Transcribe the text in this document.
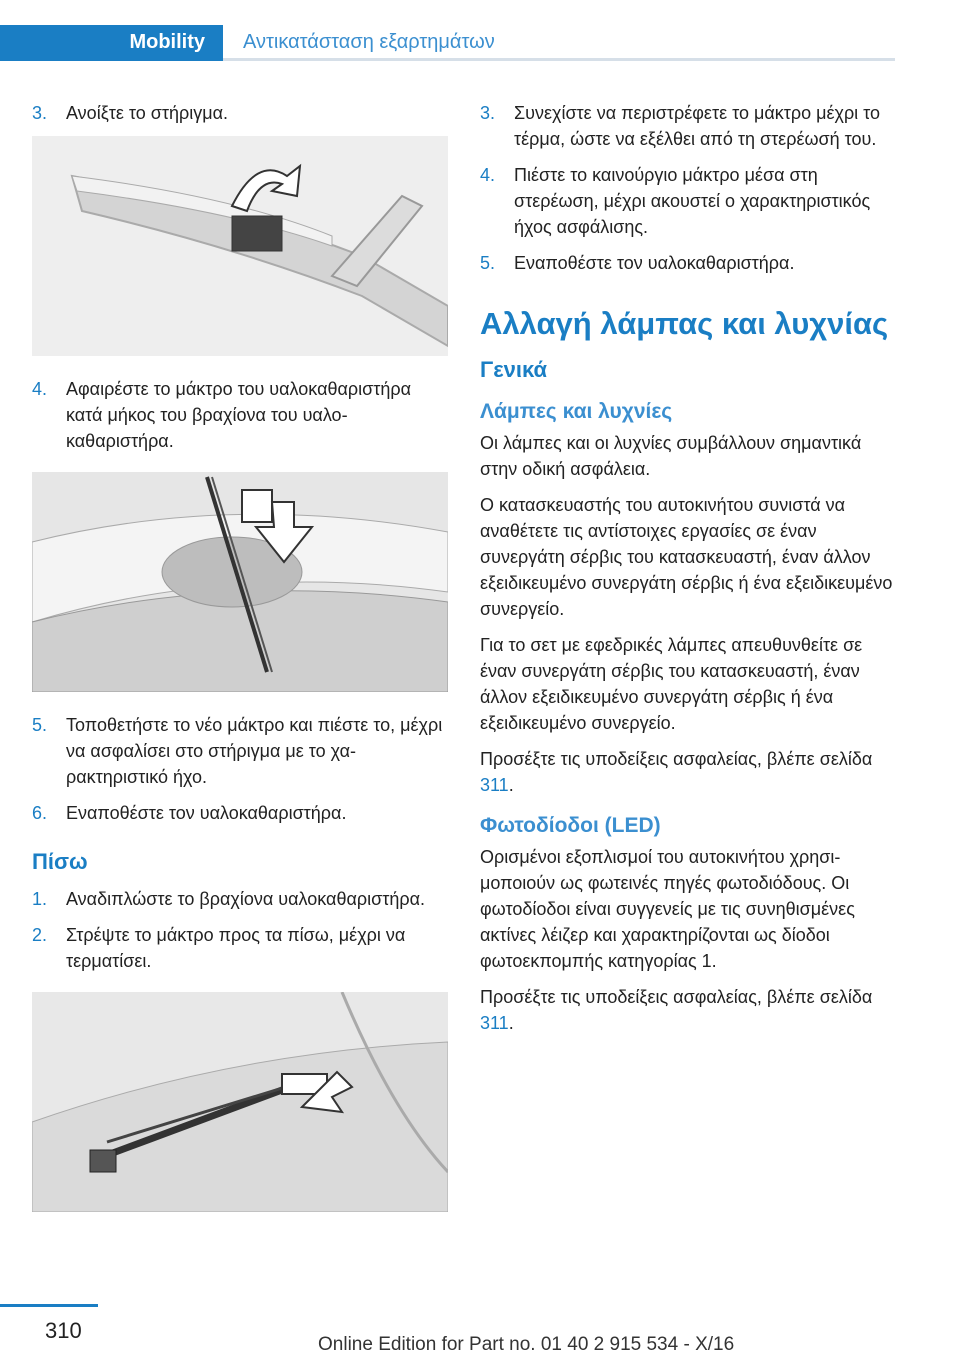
Mobility Αντικατάσταση εξαρτημάτων
3.	Ανοίξτε το στήριγμα.
4.	Αφαιρέστε το μάκτρο του υαλοκαθαριστήρα κατά μήκος του βραχίονα του υαλοκαθαριστήρα.
5.	Τοποθετήστε το νέο μάκτρο και πιέστε το, μέχρι να ασφαλίσει στο στήριγμα με το χαρακτηριστικό ήχο.
6.	Εναποθέστε τον υαλοκαθαριστήρα.
Πίσω
1.	Αναδιπλώστε το βραχίονα υαλοκαθαριστήρα.
2.	Στρέψτε το μάκτρο προς τα πίσω, μέχρι να τερματίσει.
3.	Συνεχίστε να περιστρέφετε το μάκτρο μέχρι το τέρμα, ώστε να εξέλθει από τη στερέωσή του.
4.	Πιέστε το καινούργιο μάκτρο μέσα στη στερέωση, μέχρι ακουστεί ο χαρακτηριστικός ήχος ασφάλισης.
5.	Εναποθέστε τον υαλοκαθαριστήρα.
Αλλαγή λάμπας και λυχνίας
Γενικά
Λάμπες και λυχνίες

Οι λάμπες και οι λυχνίες συμβάλλουν σημαντικά στην οδική ασφάλεια.

Ο κατασκευαστής του αυτοκινήτου συνιστά να αναθέτετε τις αντίστοιχες εργασίες σε έναν συνεργάτη σέρβις του κατασκευαστή, έναν άλλον εξειδικευμένο συνεργάτη σέρβις ή ένα εξειδικευμένο συνεργείο.

Για το σετ με εφεδρικές λάμπες απευθυνθείτε σε έναν συνεργάτη σέρβις του κατασκευαστή, έναν άλλον εξειδικευμένο συνεργάτη σέρβις ή ένα εξειδικευμένο συνεργείο.

Προσέξτε τις υποδείξεις ασφαλείας, βλέπε σελίδα 311.

Φωτοδίοδοι (LED)

Ορισμένοι εξοπλισμοί του αυτοκινήτου χρησιμοποιούν ως φωτεινές πηγές φωτοδιόδους. Οι φωτοδίοδοι είναι συγγενείς με τις συνηθισμένες ακτίνες λέιζερ και χαρακτηρίζονται ως δίοδοι φωτοεκπομπής κατηγορίας 1.

Προσέξτε τις υποδείξεις ασφαλείας, βλέπε σελίδα 311.

310
Online Edition for Part no. 01 40 2 915 534 - X/16
